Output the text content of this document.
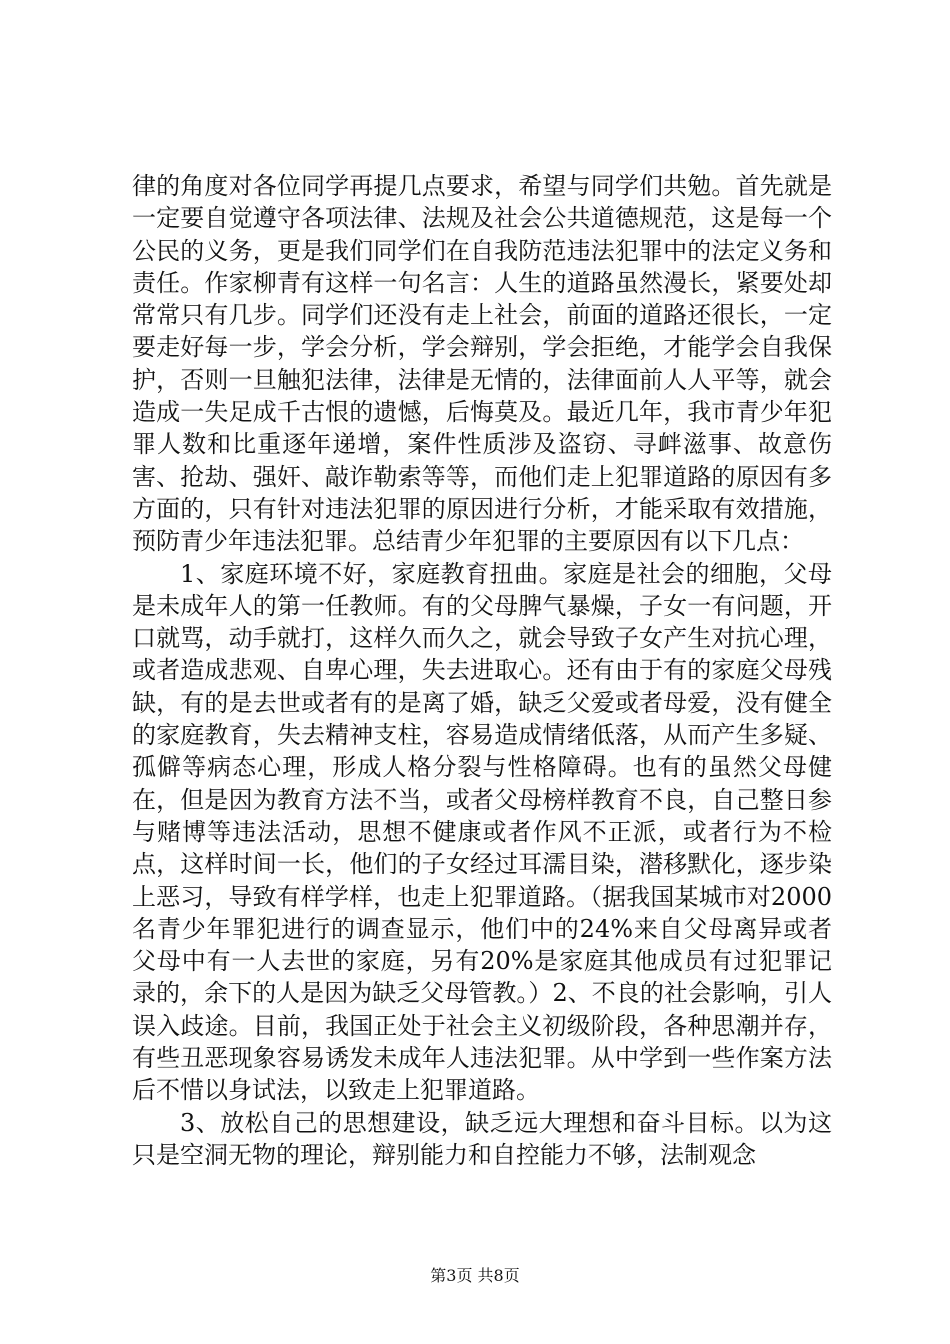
律的角度对各位同学再提几点要求，希望与同学们共勉。首先就是一定要自觉遵守各项法律、法规及社会公共道德规范，这是每一个公民的义务，更是我们同学们在自我防范违法犯罪中的法定义务和责任。作家柳青有这样一句名言：人生的道路虽然漫长，紧要处却常常只有几步。同学们还没有走上社会，前面的道路还很长，一定要走好每一步，学会分析，学会辩别，学会拒绝，才能学会自我保护，否则一旦触犯法律，法律是无情的，法律面前人人平等，就会造成一失足成千古恨的遗憾，后悔莫及。最近几年，我市青少年犯罪人数和比重逐年递增，案件性质涉及盗窃、寻衅滋事、故意伤害、抢劫、强奸、敲诈勒索等等，而他们走上犯罪道路的原因有多方面的，只有针对违法犯罪的原因进行分析，才能采取有效措施，预防青少年违法犯罪。总结青少年犯罪的主要原因有以下几点：

1、家庭环境不好，家庭教育扭曲。家庭是社会的细胞，父母是未成年人的第一任教师。有的父母脾气暴燥，子女一有问题，开口就骂，动手就打，这样久而久之，就会导致子女产生对抗心理，或者造成悲观、自卑心理，失去进取心。还有由于有的家庭父母残缺，有的是去世或者有的是离了婚，缺乏父爱或者母爱，没有健全的家庭教育，失去精神支柱，容易造成情绪低落，从而产生多疑、孤僻等病态心理，形成人格分裂与性格障碍。也有的虽然父母健在，但是因为教育方法不当，或者父母榜样教育不良，自己整日参与赌博等违法活动，思想不健康或者作风不正派，或者行为不检点，这样时间一长，他们的子女经过耳濡目染，潜移默化，逐步染上恶习，导致有样学样，也走上犯罪道路。（据我国某城市对2000名青少年罪犯进行的调查显示，他们中的24%来自父母离异或者父母中有一人去世的家庭，另有20%是家庭其他成员有过犯罪记录的，余下的人是因为缺乏父母管教。）2、不良的社会影响，引人误入歧途。目前，我国正处于社会主义初级阶段，各种思潮并存，有些丑恶现象容易诱发未成年人违法犯罪。从中学到一些作案方法后不惜以身试法，以致走上犯罪道路。

3、放松自己的思想建设，缺乏远大理想和奋斗目标。以为这只是空洞无物的理论，辩别能力和自控能力不够，法制观念

第3页 共8页
